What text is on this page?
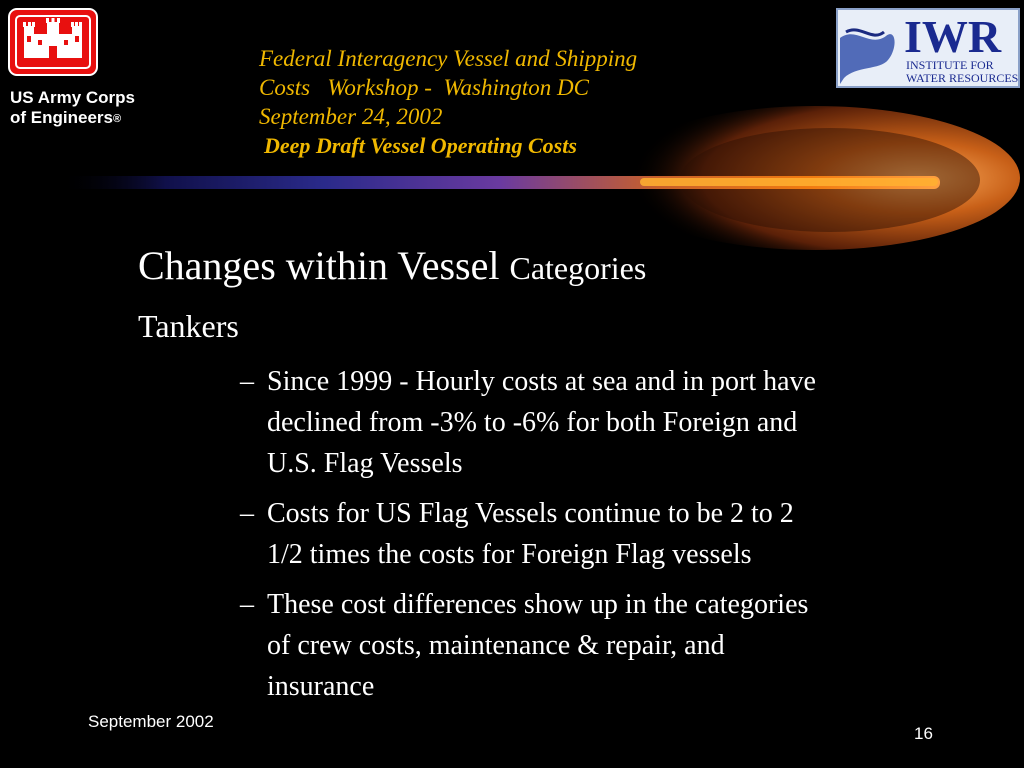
US Army Corps
of Engineers®
Federal Interagency Vessel and Shipping
Costs   Workshop -  Washington DC
September 24, 2002
Deep Draft Vessel Operating Costs
IWR
INSTITUTE FOR
WATER RESOURCES
Changes within Vessel Categories
Tankers
– Since 1999 - Hourly costs at sea and in port have
declined from -3% to -6% for both Foreign and
U.S. Flag Vessels
– Costs for US Flag Vessels continue to be 2 to 2
1/2 times the costs for Foreign Flag vessels
– These cost differences show up in the categories
of crew costs, maintenance & repair, and
insurance
September 2002
16
